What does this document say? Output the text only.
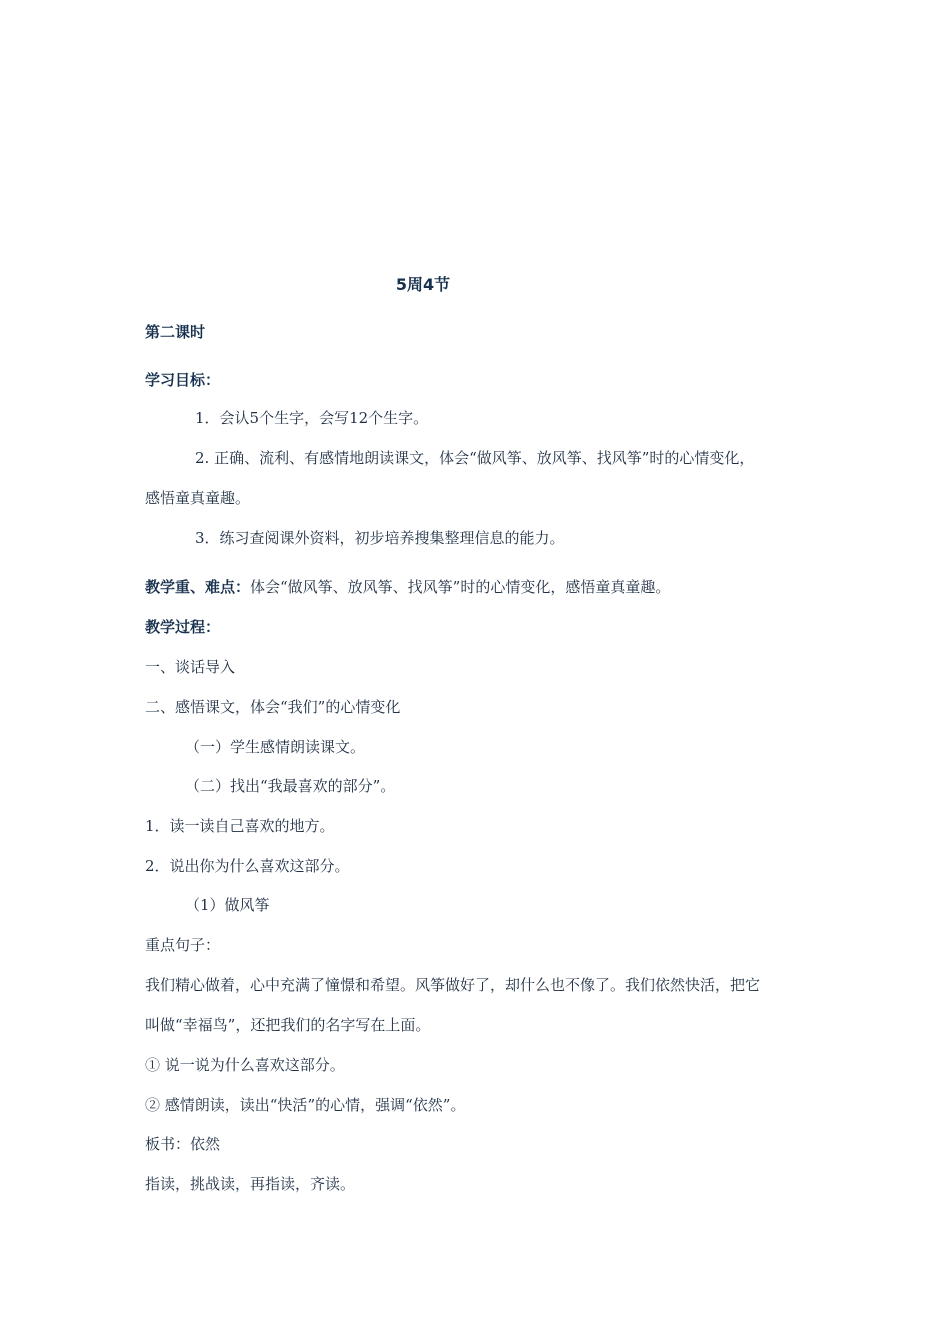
5周4节
第二课时
学习目标：
1．会认5个生字，会写12个生字。
2. 正确、流利、有感情地朗读课文，体会“做风筝、放风筝、找风筝”时的心情变化，
感悟童真童趣。
3．练习查阅课外资料，初步培养搜集整理信息的能力。
教学重、难点：体会“做风筝、放风筝、找风筝”时的心情变化，感悟童真童趣。
教学过程：
一、谈话导入
二、感悟课文，体会“我们”的心情变化
（一）学生感情朗读课文。
（二）找出“我最喜欢的部分”。
1．读一读自己喜欢的地方。
2．说出你为什么喜欢这部分。
（1）做风筝
重点句子：
我们精心做着，心中充满了憧憬和希望。风筝做好了，却什么也不像了。我们依然快活，把它
叫做“幸福鸟”，还把我们的名字写在上面。
① 说一说为什么喜欢这部分。
② 感情朗读，读出“快活”的心情，强调“依然”。
板书：依然
指读，挑战读，再指读，齐读。
